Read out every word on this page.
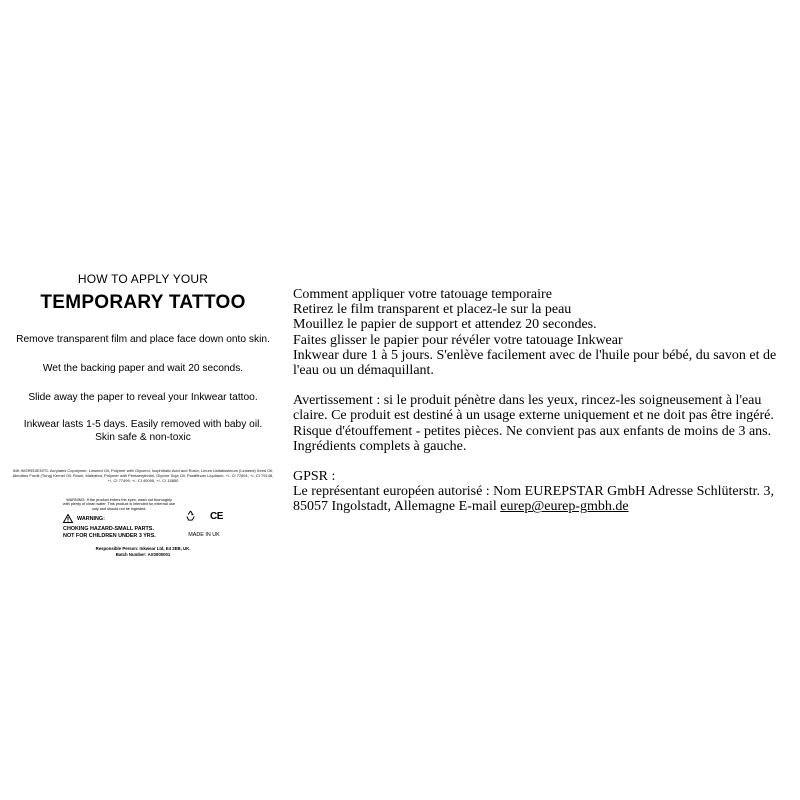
HOW TO APPLY YOUR
TEMPORARY TATTOO
Remove transparent film and place face down onto skin.
Wet the backing paper and wait 20 seconds.
Slide away the paper to reveal your Inkwear tattoo.
Inkwear lasts 1-5 days. Easily removed with baby oil.
Skin safe & non-toxic
INK INGREDIENTS: Acrylates Copolymer, Linseed Oil, Polymer with Glycerol, Isophthalic Acid and Rosin, Linum Usitatissimum (Linseed) Seed Oil, Aleurites Fordii (Tung) Kernel Oil, Rosin, Maleated, Polymer with Pentaerythritol, Glycine Soja Oil, Paraffinum Liquidum. +/- CI 77891, +/- CI 79148, +/- CI 77499, +/- CI 40090, +/- CI 15850
WARNING: If the product enters the eyes, wash out thoroughly with plenty of clean water. This product is intended for external use only and should not be ingested.
WARNING:
CHOKING HAZARD-SMALL PARTS.
NOT FOR CHILDREN UNDER 3 YRS.
CE
MADE IN UK
Responsible Person: Inkwear Ltd, E4 2EB, UK.
Batch Number: AX0000001

Comment appliquer votre tatouage temporaire

Retirez le film transparent et placez-le sur la peau

Mouillez le papier de support et attendez 20 secondes.

Faites glisser le papier pour révéler votre tatouage Inkwear

Inkwear dure 1 à 5 jours. S'enlève facilement avec de l'huile pour bébé, du savon et de l'eau ou un démaquillant.

Avertissement : si le produit pénètre dans les yeux, rincez-les soigneusement à l'eau claire. Ce produit est destiné à un usage externe uniquement et ne doit pas être ingéré.

Risque d'étouffement - petites pièces. Ne convient pas aux enfants de moins de 3 ans. Ingrédients complets à gauche.

GPSR :

Le représentant européen autorisé : Nom EUREPSTAR GmbH Adresse Schlüterstr. 3, 85057 Ingolstadt, Allemagne E-mail eurep@eurep-gmbh.de
